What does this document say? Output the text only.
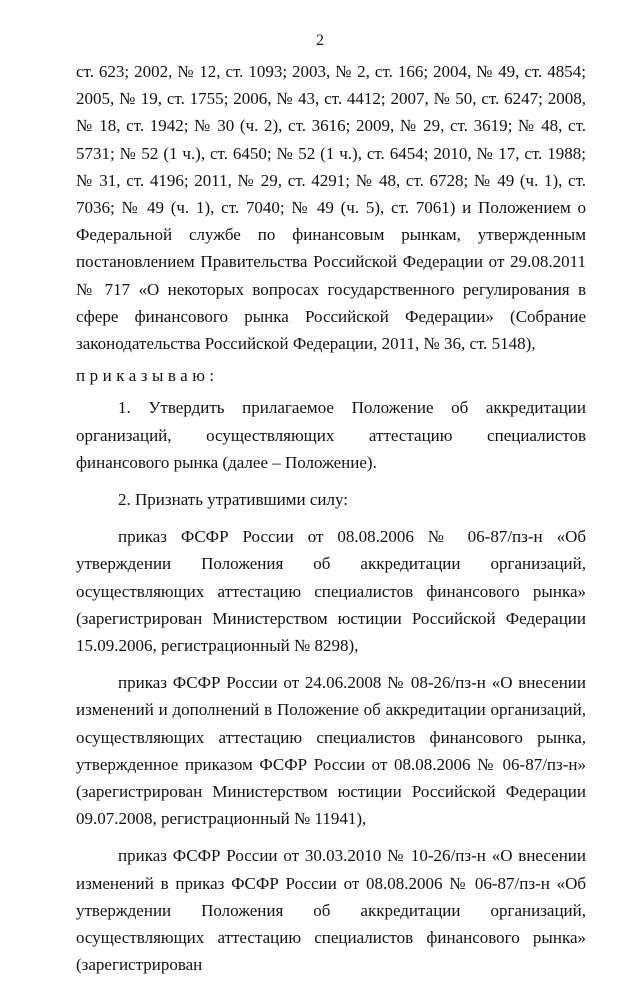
2

ст. 623; 2002, № 12, ст. 1093; 2003, № 2, ст. 166; 2004, № 49, ст. 4854; 2005, № 19, ст. 1755; 2006, № 43, ст. 4412; 2007, № 50, ст. 6247; 2008, № 18, ст. 1942; № 30 (ч. 2), ст. 3616; 2009, № 29, ст. 3619; № 48, ст. 5731; № 52 (1 ч.), ст. 6450; № 52 (1 ч.), ст. 6454; 2010, № 17, ст. 1988; № 31, ст. 4196; 2011, № 29, ст. 4291; № 48, ст. 6728; № 49 (ч. 1), ст. 7036; № 49 (ч. 1), ст. 7040; № 49 (ч. 5), ст. 7061) и Положением о Федеральной службе по финансовым рынкам, утвержденным постановлением Правительства Российской Федерации от 29.08.2011 № 717 «О некоторых вопросах государственного регулирования в сфере финансового рынка Российской Федерации» (Собрание законодательства Российской Федерации, 2011, № 36, ст. 5148),

приказываю:

1. Утвердить прилагаемое Положение об аккредитации организаций, осуществляющих аттестацию специалистов финансового рынка (далее – Положение).

2. Признать утратившими силу:

приказ ФСФР России от 08.08.2006 № 06-87/пз-н «Об утверждении Положения об аккредитации организаций, осуществляющих аттестацию специалистов финансового рынка» (зарегистрирован Министерством юстиции Российской Федерации 15.09.2006, регистрационный № 8298),

приказ ФСФР России от 24.06.2008 № 08-26/пз-н «О внесении изменений и дополнений в Положение об аккредитации организаций, осуществляющих аттестацию специалистов финансового рынка, утвержденное приказом ФСФР России от 08.08.2006 № 06-87/пз-н» (зарегистрирован Министерством юстиции Российской Федерации 09.07.2008, регистрационный № 11941),

приказ ФСФР России от 30.03.2010 № 10-26/пз-н «О внесении изменений в приказ ФСФР России от 08.08.2006 № 06-87/пз-н «Об утверждении Положения об аккредитации организаций, осуществляющих аттестацию специалистов финансового рынка» (зарегистрирован
